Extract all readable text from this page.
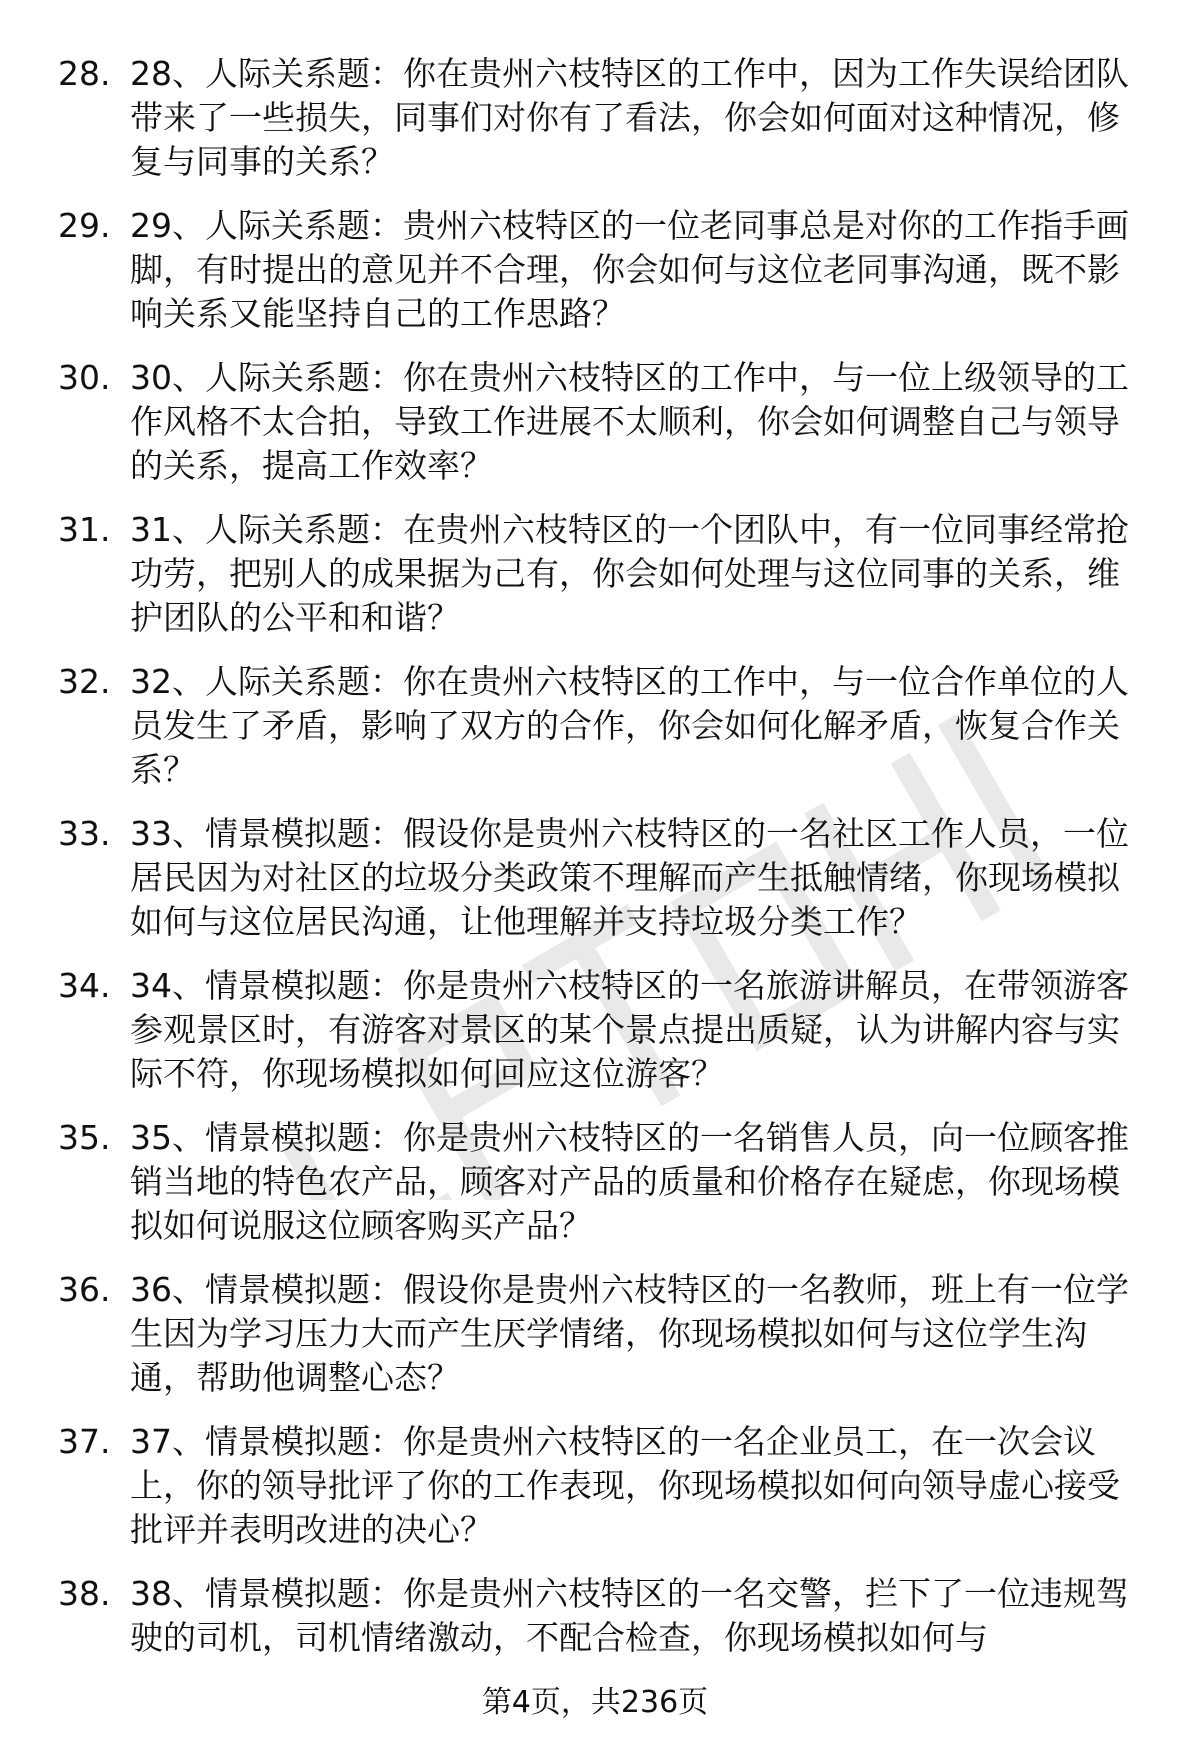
28. 28、人际关系题：你在贵州六枝特区的工作中，因为工作失误给团队带来了一些损失，同事们对你有了看法，你会如何面对这种情况，修复与同事的关系？
29. 29、人际关系题：贵州六枝特区的一位老同事总是对你的工作指手画脚，有时提出的意见并不合理，你会如何与这位老同事沟通，既不影响关系又能坚持自己的工作思路？
30. 30、人际关系题：你在贵州六枝特区的工作中，与一位上级领导的工作风格不太合拍，导致工作进展不太顺利，你会如何调整自己与领导的关系，提高工作效率？
31. 31、人际关系题：在贵州六枝特区的一个团队中，有一位同事经常抢功劳，把别人的成果据为己有，你会如何处理与这位同事的关系，维护团队的公平和和谐？
32. 32、人际关系题：你在贵州六枝特区的工作中，与一位合作单位的人员发生了矛盾，影响了双方的合作，你会如何化解矛盾，恢复合作关系？
33. 33、情景模拟题：假设你是贵州六枝特区的一名社区工作人员，一位居民因为对社区的垃圾分类政策不理解而产生抵触情绪，你现场模拟如何与这位居民沟通，让他理解并支持垃圾分类工作？
34. 34、情景模拟题：你是贵州六枝特区的一名旅游讲解员，在带领游客参观景区时，有游客对景区的某个景点提出质疑，认为讲解内容与实际不符，你现场模拟如何回应这位游客？
35. 35、情景模拟题：你是贵州六枝特区的一名销售人员，向一位顾客推销当地的特色农产品，顾客对产品的质量和价格存在疑虑，你现场模拟如何说服这位顾客购买产品？
36. 36、情景模拟题：假设你是贵州六枝特区的一名教师，班上有一位学生因为学习压力大而产生厌学情绪，你现场模拟如何与这位学生沟通，帮助他调整心态？
37. 37、情景模拟题：你是贵州六枝特区的一名企业员工，在一次会议上，你的领导批评了你的工作表现，你现场模拟如何向领导虚心接受批评并表明改进的决心？
38. 38、情景模拟题：你是贵州六枝特区的一名交警，拦下了一位违规驾驶的司机，司机情绪激动，不配合检查，你现场模拟如何与
第4页，共236页
